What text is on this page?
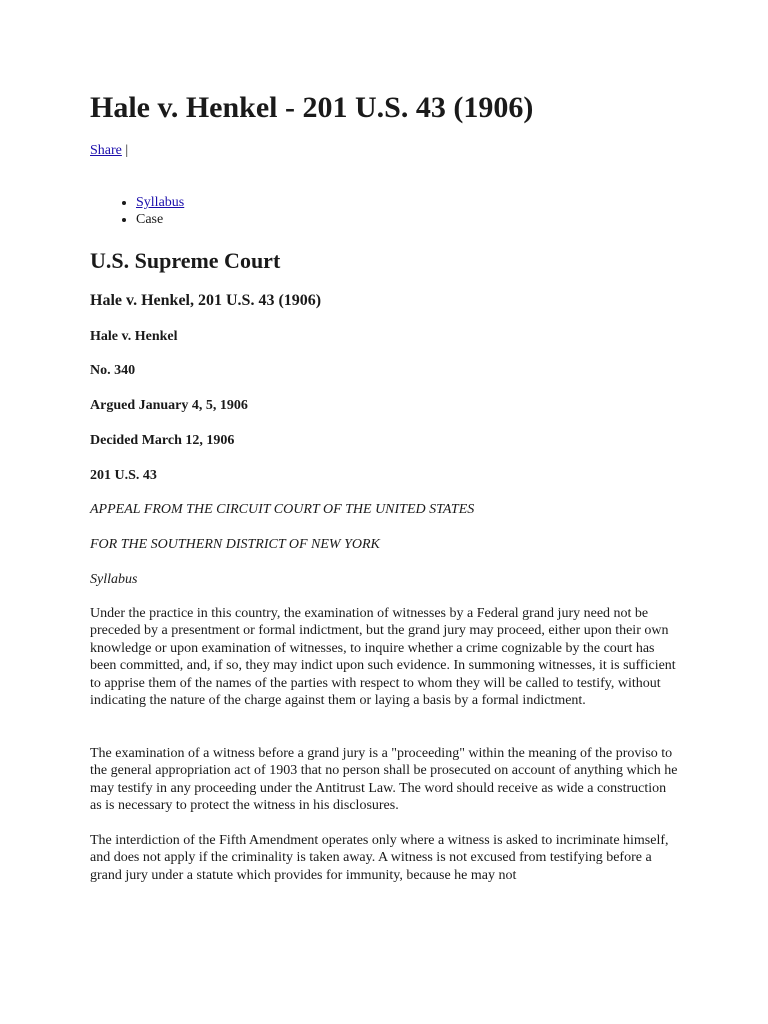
Hale v. Henkel - 201 U.S. 43 (1906)
Share |
• Syllabus
• Case
U.S. Supreme Court
Hale v. Henkel, 201 U.S. 43 (1906)

Hale v. Henkel

No. 340

Argued January 4, 5, 1906

Decided March 12, 1906

201 U.S. 43

APPEAL FROM THE CIRCUIT COURT OF THE UNITED STATES

FOR THE SOUTHERN DISTRICT OF NEW YORK

Syllabus

Under the practice in this country, the examination of witnesses by a Federal grand jury need not be preceded by a presentment or formal indictment, but the grand jury may proceed, either upon their own knowledge or upon examination of witnesses, to inquire whether a crime cognizable by the court has been committed, and, if so, they may indict upon such evidence. In summoning witnesses, it is sufficient to apprise them of the names of the parties with respect to whom they will be called to testify, without indicating the nature of the charge against them or laying a basis by a formal indictment.

The examination of a witness before a grand jury is a "proceeding" within the meaning of the proviso to the general appropriation act of 1903 that no person shall be prosecuted on account of anything which he may testify in any proceeding under the Antitrust Law. The word should receive as wide a construction as is necessary to protect the witness in his disclosures.

The interdiction of the Fifth Amendment operates only where a witness is asked to incriminate himself, and does not apply if the criminality is taken away. A witness is not excused from testifying before a grand jury under a statute which provides for immunity, because he may not
